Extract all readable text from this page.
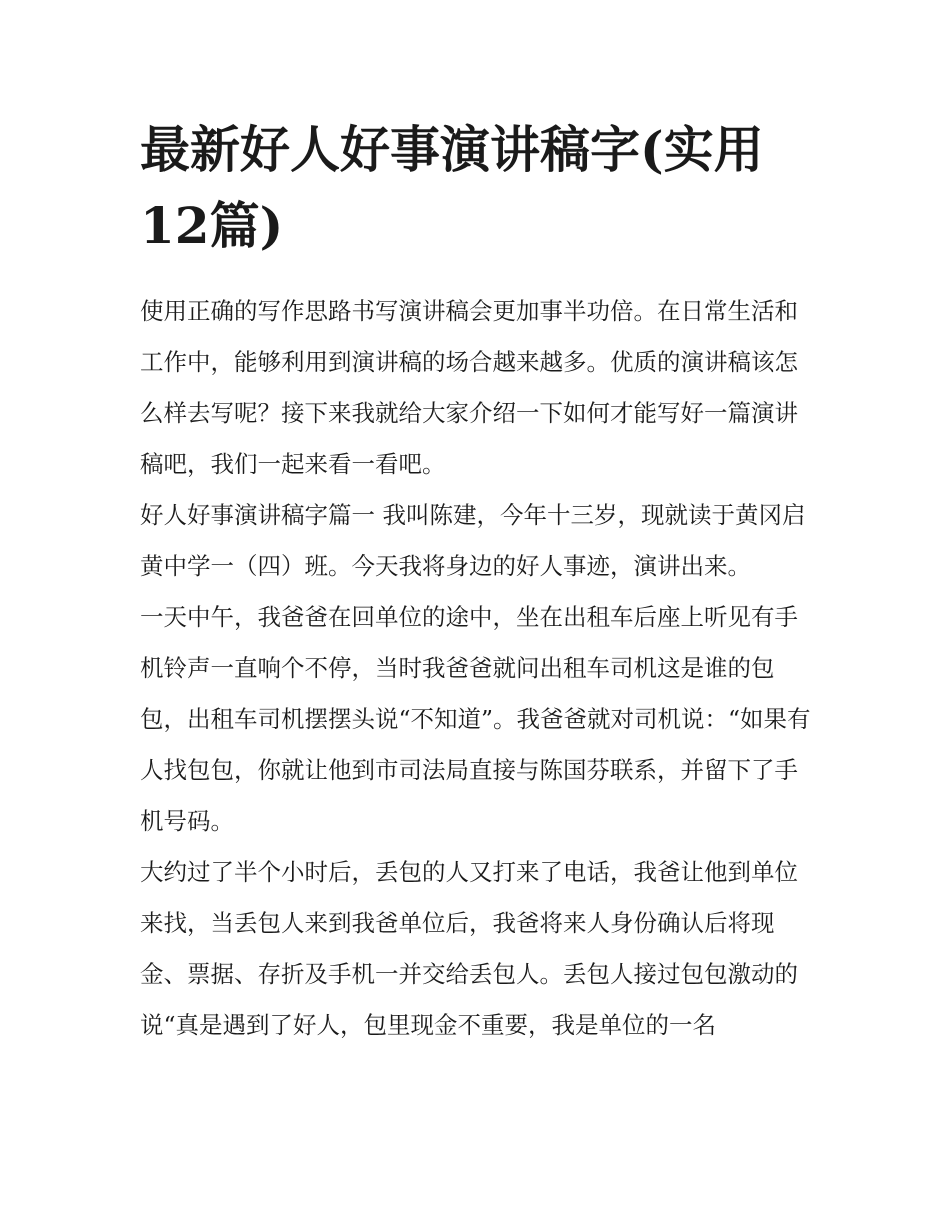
最新好人好事演讲稿字(实用12篇)

使用正确的写作思路书写演讲稿会更加事半功倍。在日常生活和工作中，能够利用到演讲稿的场合越来越多。优质的演讲稿该怎么样去写呢？接下来我就给大家介绍一下如何才能写好一篇演讲稿吧，我们一起来看一看吧。

好人好事演讲稿字篇一 我叫陈建，今年十三岁，现就读于黄冈启黄中学一（四）班。今天我将身边的好人事迹，演讲出来。

一天中午，我爸爸在回单位的途中，坐在出租车后座上听见有手机铃声一直响个不停，当时我爸爸就问出租车司机这是谁的包包，出租车司机摆摆头说“不知道”。我爸爸就对司机说：“如果有人找包包，你就让他到市司法局直接与陈国芬联系，并留下了手机号码。

大约过了半个小时后，丢包的人又打来了电话，我爸让他到单位来找，当丢包人来到我爸单位后，我爸将来人身份确认后将现金、票据、存折及手机一并交给丢包人。丢包人接过包包激动的说“真是遇到了好人，包里现金不重要，我是单位的一名
